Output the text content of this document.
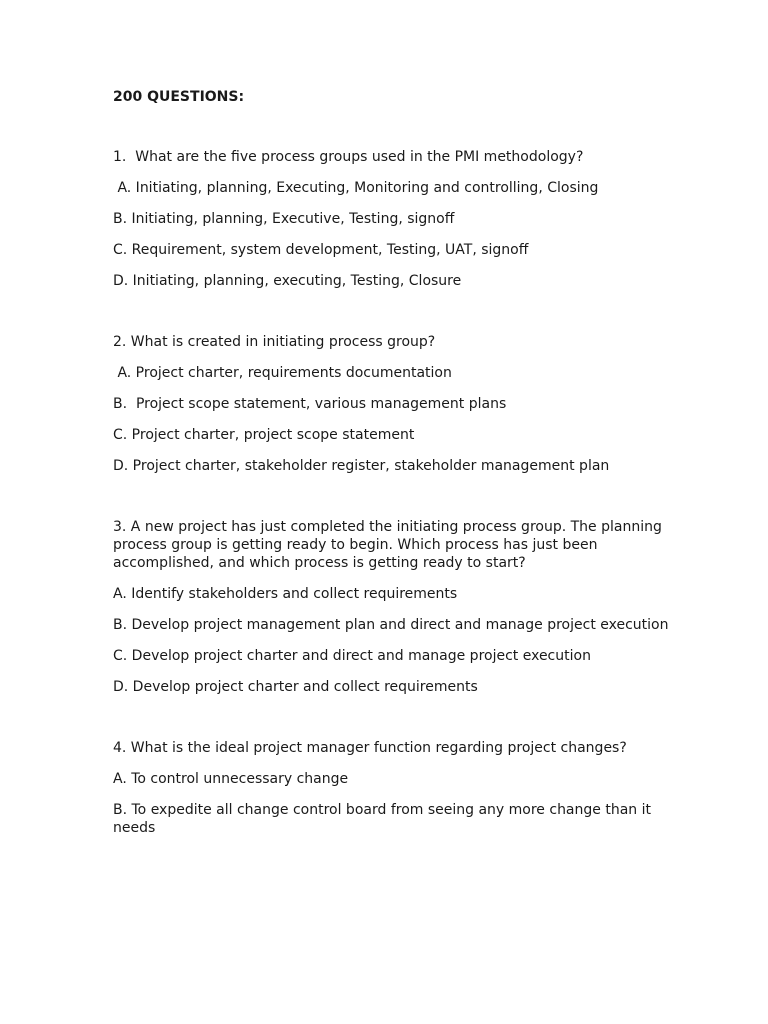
200 QUESTIONS:
1.  What are the five process groups used in the PMI methodology?
A. Initiating, planning, Executing, Monitoring and controlling, Closing
B. Initiating, planning, Executive, Testing, signoff
C. Requirement, system development, Testing, UAT, signoff
D. Initiating, planning, executing, Testing, Closure
2. What is created in initiating process group?
A. Project charter, requirements documentation
B.  Project scope statement, various management plans
C. Project charter, project scope statement
D. Project charter, stakeholder register, stakeholder management plan
3. A new project has just completed the initiating process group. The planning process group is getting ready to begin. Which process has just been accomplished, and which process is getting ready to start?
A. Identify stakeholders and collect requirements
B. Develop project management plan and direct and manage project execution
C. Develop project charter and direct and manage project execution
D. Develop project charter and collect requirements
4. What is the ideal project manager function regarding project changes?
A. To control unnecessary change
B. To expedite all change control board from seeing any more change than it needs
